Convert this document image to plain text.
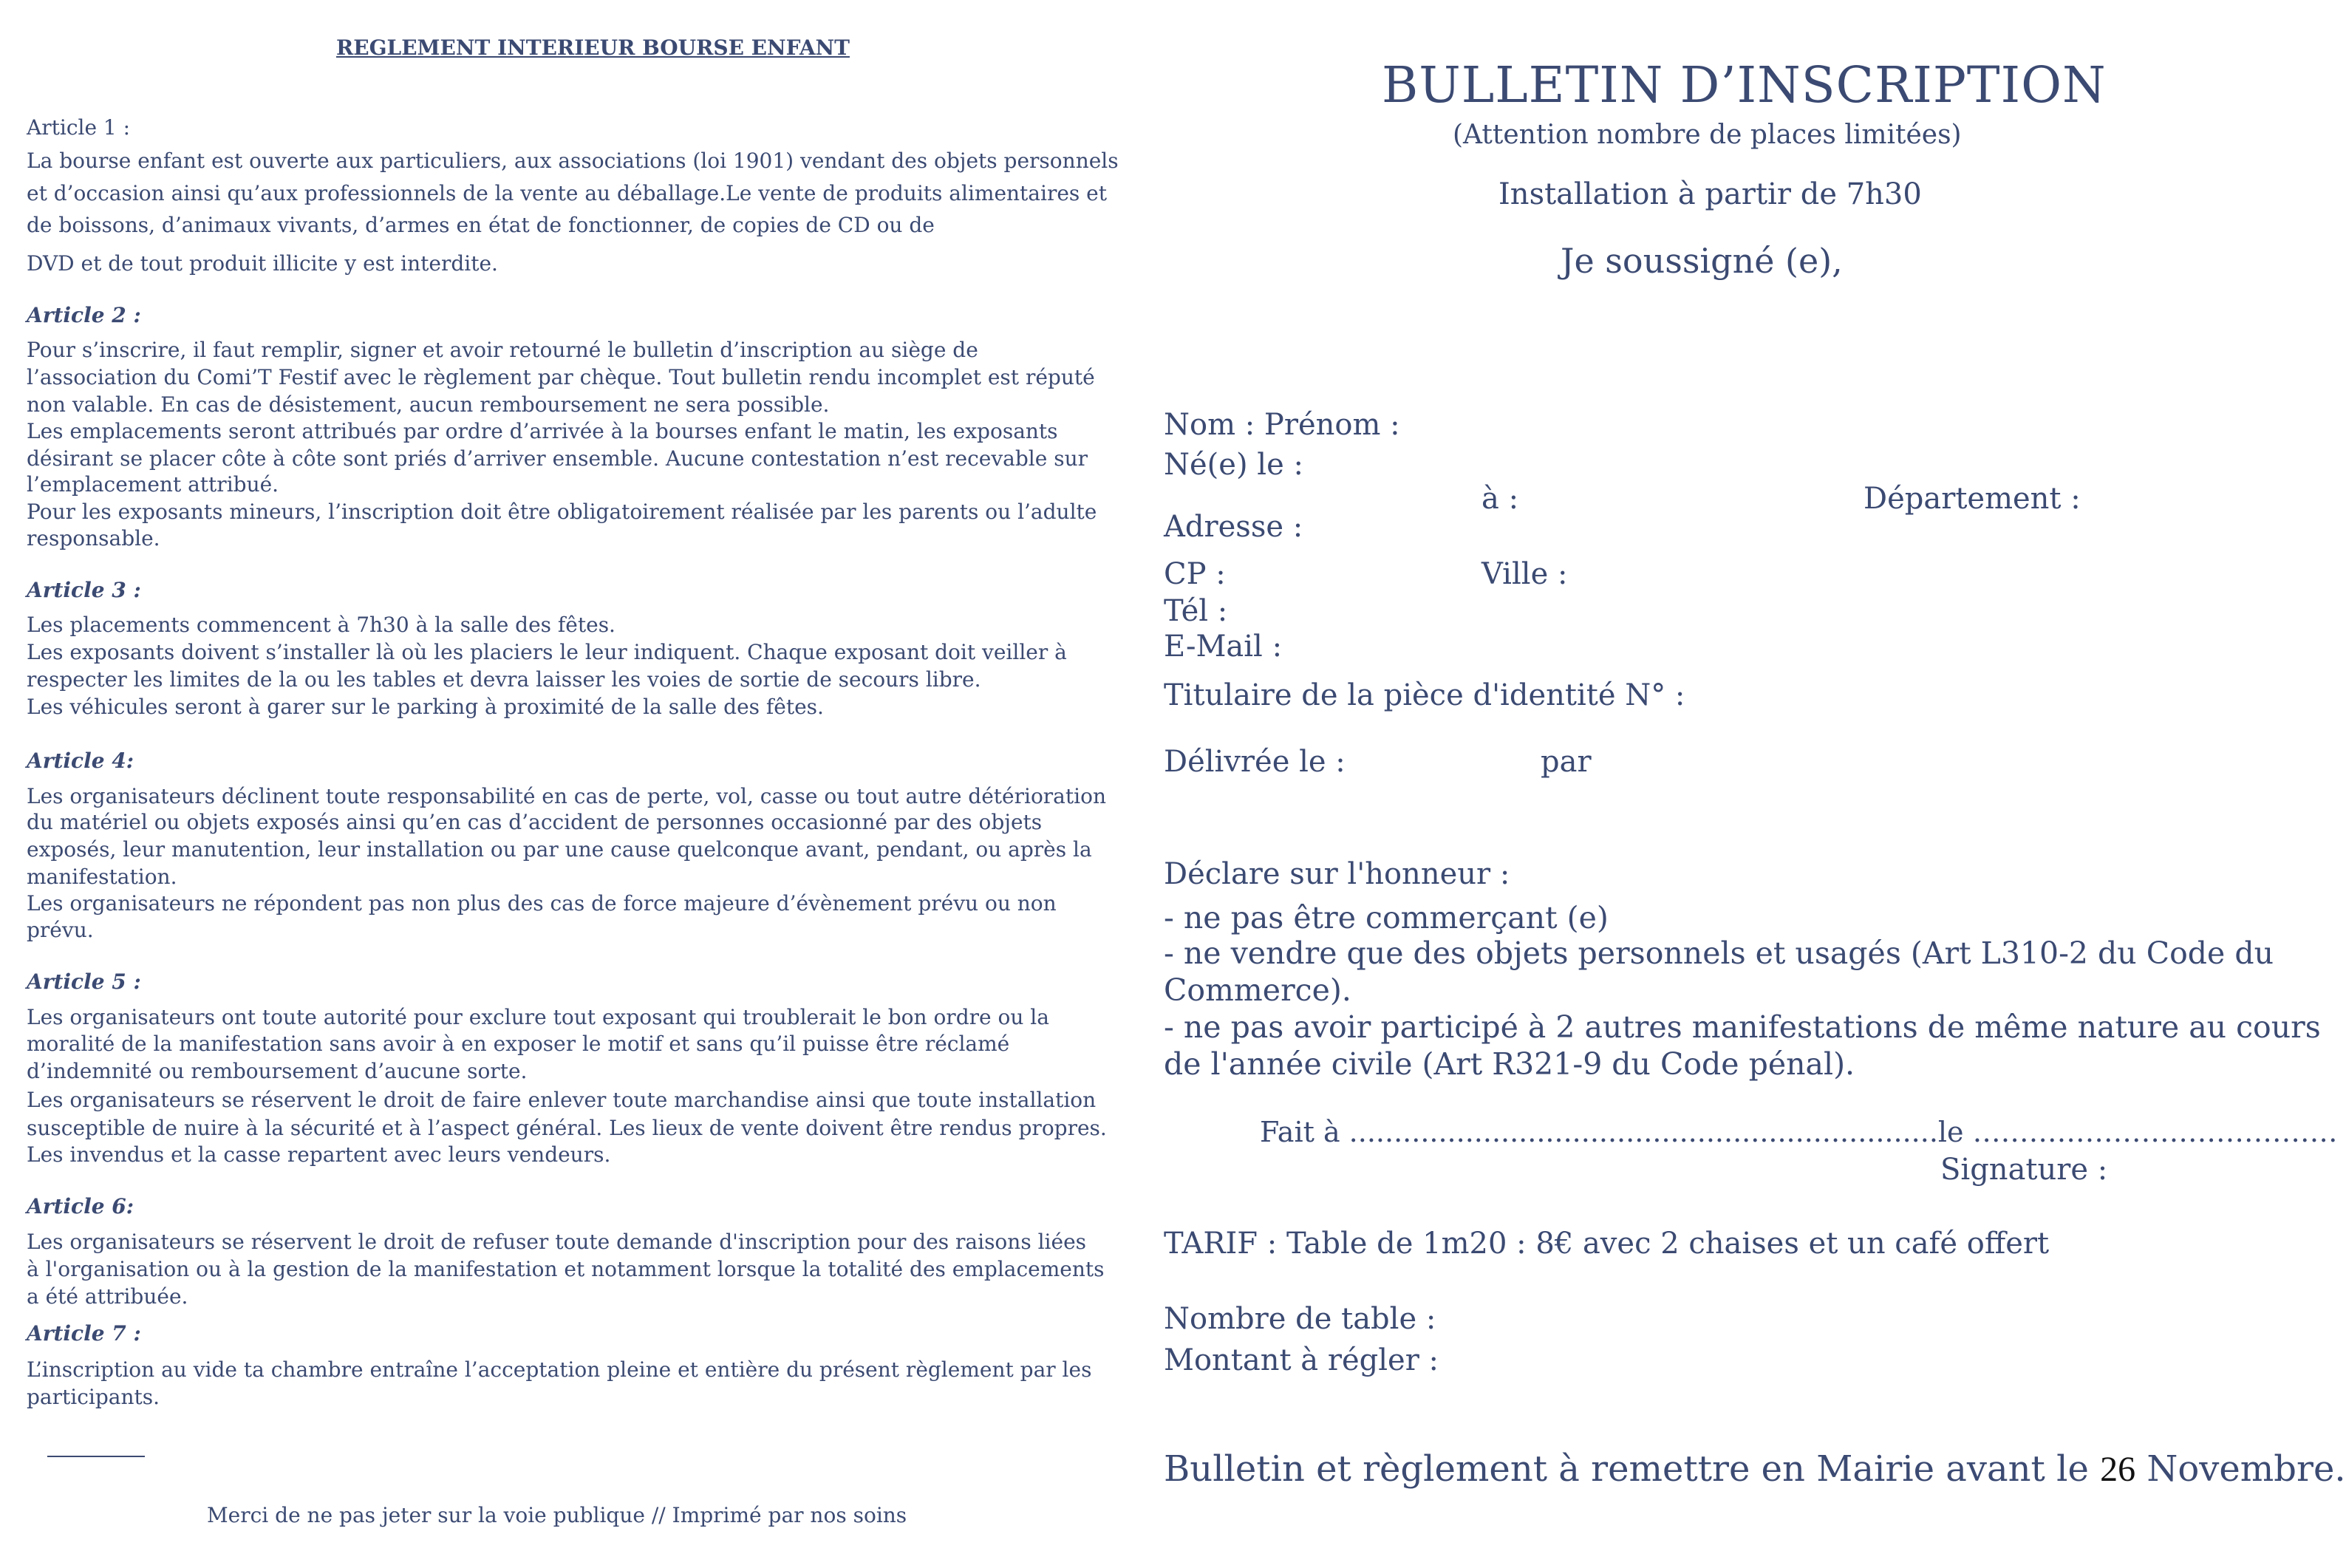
REGLEMENT INTERIEUR BOURSE ENFANT
Article 1 :
La bourse enfant est ouverte aux particuliers, aux associations (loi 1901) vendant des objets personnels
et d’occasion ainsi qu’aux professionnels de la vente au déballage.Le vente de produits alimentaires et
de boissons, d’animaux vivants, d’armes en état de fonctionner, de copies de CD ou de
DVD et de tout produit illicite y est interdite.
Article 2 :
Pour s’inscrire, il faut remplir, signer et avoir retourné le bulletin d’inscription au siège de
l’association du Comi’T Festif avec le règlement par chèque. Tout bulletin rendu incomplet est réputé
non valable. En cas de désistement, aucun remboursement ne sera possible.
Les emplacements seront attribués par ordre d’arrivée à la bourses enfant le matin, les exposants
désirant se placer côte à côte sont priés d’arriver ensemble. Aucune contestation n’est recevable sur
l’emplacement attribué.
Pour les exposants mineurs, l’inscription doit être obligatoirement réalisée par les parents ou l’adulte
responsable.
Article 3 :
Les placements commencent à 7h30 à la salle des fêtes.
Les exposants doivent s’installer là où les placiers le leur indiquent. Chaque exposant doit veiller à
respecter les limites de la ou les tables et devra laisser les voies de sortie de secours libre.
Les véhicules seront à garer sur le parking à proximité de la salle des fêtes.
Article 4:
Les organisateurs déclinent toute responsabilité en cas de perte, vol, casse ou tout autre détérioration
du matériel ou objets exposés ainsi qu’en cas d’accident de personnes occasionné par des objets
exposés, leur manutention, leur installation ou par une cause quelconque avant, pendant, ou après la
manifestation.
Les organisateurs ne répondent pas non plus des cas de force majeure d’évènement prévu ou non
prévu.
Article 5 :
Les organisateurs ont toute autorité pour exclure tout exposant qui troublerait le bon ordre ou la
moralité de la manifestation sans avoir à en exposer le motif et sans qu’il puisse être réclamé
d’indemnité ou remboursement d’aucune sorte.
Les organisateurs se réservent le droit de faire enlever toute marchandise ainsi que toute installation
susceptible de nuire à la sécurité et à l’aspect général. Les lieux de vente doivent être rendus propres.
Les invendus et la casse repartent avec leurs vendeurs.
Article 6:
Les organisateurs se réservent le droit de refuser toute demande d'inscription pour des raisons liées
à l'organisation ou à la gestion de la manifestation et notamment lorsque la totalité des emplacements
a été attribuée.
Article 7 :
L’inscription au vide ta chambre entraîne l’acceptation pleine et entière du présent règlement par les
participants.
Merci de ne pas jeter sur la voie publique // Imprimé par nos soins
BULLETIN D’INSCRIPTION
(Attention nombre de places limitées)
Installation à partir de 7h30
Je soussigné (e),
Nom : Prénom :
Né(e) le :
à :	Département :
Adresse :
CP :	Ville :
Tél :
E-Mail :
Titulaire de la pièce d'identité N° :
Délivrée le :	par
Déclare sur l'honneur :
- ne pas être commerçant (e)
- ne vendre que des objets personnels et usagés (Art L310-2 du Code du
Commerce).
- ne pas avoir participé à 2 autres manifestations de même nature au cours
de l'année civile (Art R321-9 du Code pénal).
Fait à ..................................................................le …………………………………
Signature :
TARIF : Table de 1m20 : 8€ avec 2 chaises et un café offert
Nombre de table :
Montant à régler :
Bulletin et règlement à remettre en Mairie avant le 26 Novembre.
